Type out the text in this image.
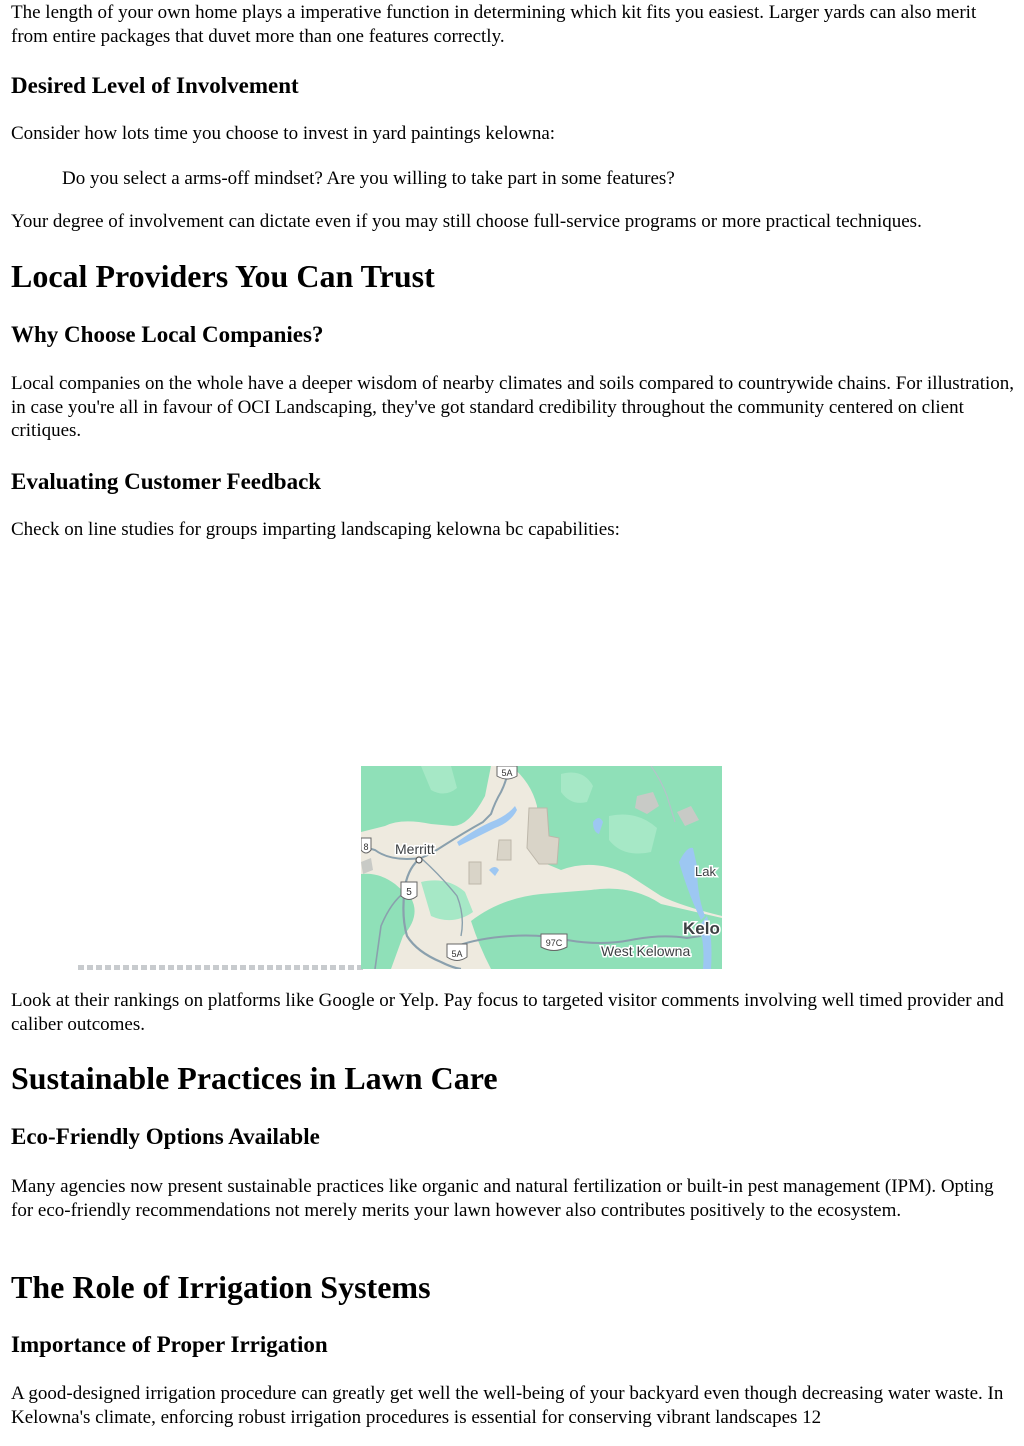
The length of your own home plays a imperative function in determining which kit fits you easiest. Larger yards can also merit from entire packages that duvet more than one features correctly.

Desired Level of Involvement

Consider how lots time you choose to invest in yard paintings kelowna:

Do you select a arms-off mindset? Are you willing to take part in some features?

Your degree of involvement can dictate even if you may still choose full-service programs or more practical techniques.

Local Providers You Can Trust
Why Choose Local Companies?

Local companies on the whole have a deeper wisdom of nearby climates and soils compared to countrywide chains. For illustration, in case you're all in favour of OCI Landscaping, they've got standard credibility throughout the community centered on client critiques.

Evaluating Customer Feedback

Check on line studies for groups imparting landscaping kelowna bc capabilities:

Look at their rankings on platforms like Google or Yelp. Pay focus to targeted visitor comments involving well timed provider and caliber outcomes.

Sustainable Practices in Lawn Care
Eco-Friendly Options Available

Many agencies now present sustainable practices like organic and natural fertilization or built-in pest management (IPM). Opting for eco-friendly recommendations not merely merits your lawn however also contributes positively to the ecosystem.

The Role of Irrigation Systems
Importance of Proper Irrigation

A good-designed irrigation procedure can greatly get well the well-being of your backyard even though decreasing water waste. In Kelowna's climate, enforcing robust irrigation procedures is essential for conserving vibrant landscapes 12

5A
8
5
5A
97C
Merritt
Lak
Kelo
West Kelowna
